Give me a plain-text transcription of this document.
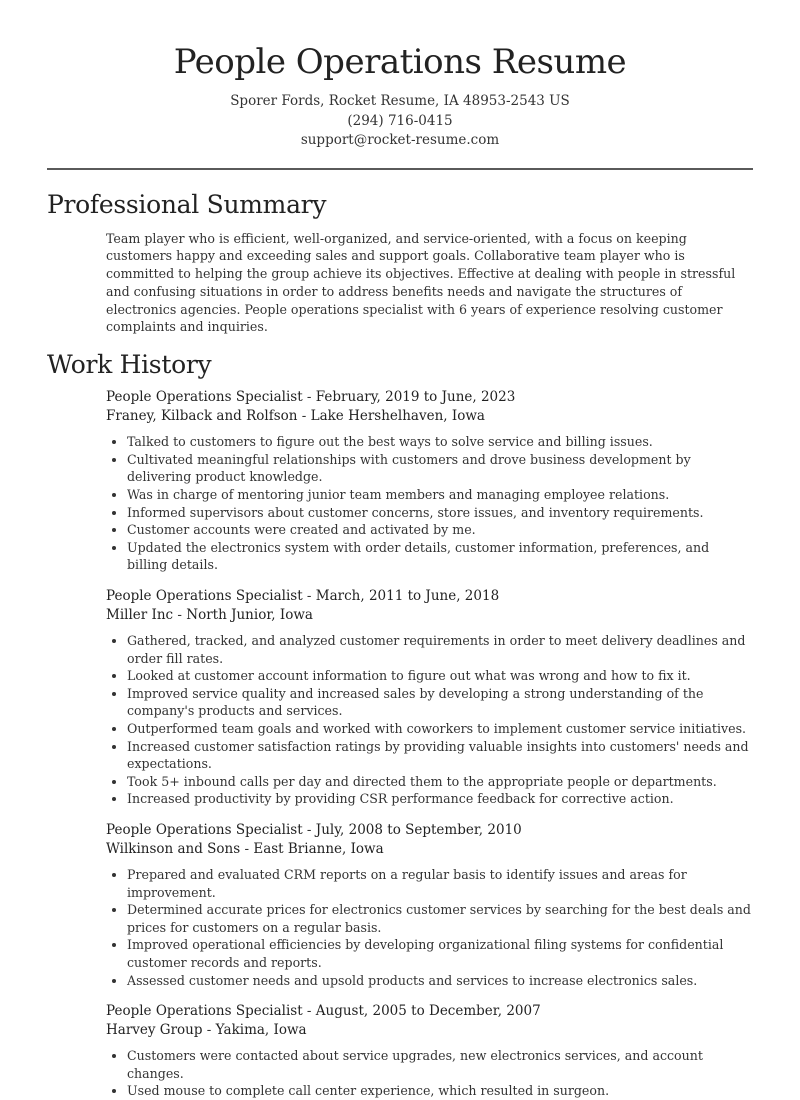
People Operations Resume
Sporer Fords, Rocket Resume, IA 48953-2543 US
(294) 716-0415
support@rocket-resume.com
Professional Summary

Team player who is efficient, well-organized, and service-oriented, with a focus on keeping customers happy and exceeding sales and support goals. Collaborative team player who is committed to helping the group achieve its objectives. Effective at dealing with people in stressful and confusing situations in order to address benefits needs and navigate the structures of electronics agencies. People operations specialist with 6 years of experience resolving customer complaints and inquiries.

Work History
People Operations Specialist - February, 2019 to June, 2023
Franey, Kilback and Rolfson - Lake Hershelhaven, Iowa
Talked to customers to figure out the best ways to solve service and billing issues.
Cultivated meaningful relationships with customers and drove business development by delivering product knowledge.
Was in charge of mentoring junior team members and managing employee relations.
Informed supervisors about customer concerns, store issues, and inventory requirements.
Customer accounts were created and activated by me.
Updated the electronics system with order details, customer information, preferences, and billing details.
People Operations Specialist - March, 2011 to June, 2018
Miller Inc - North Junior, Iowa
Gathered, tracked, and analyzed customer requirements in order to meet delivery deadlines and order fill rates.
Looked at customer account information to figure out what was wrong and how to fix it.
Improved service quality and increased sales by developing a strong understanding of the company's products and services.
Outperformed team goals and worked with coworkers to implement customer service initiatives.
Increased customer satisfaction ratings by providing valuable insights into customers' needs and expectations.
Took 5+ inbound calls per day and directed them to the appropriate people or departments.
Increased productivity by providing CSR performance feedback for corrective action.
People Operations Specialist - July, 2008 to September, 2010
Wilkinson and Sons - East Brianne, Iowa
Prepared and evaluated CRM reports on a regular basis to identify issues and areas for improvement.
Determined accurate prices for electronics customer services by searching for the best deals and prices for customers on a regular basis.
Improved operational efficiencies by developing organizational filing systems for confidential customer records and reports.
Assessed customer needs and upsold products and services to increase electronics sales.
People Operations Specialist - August, 2005 to December, 2007
Harvey Group - Yakima, Iowa
Customers were contacted about service upgrades, new electronics services, and account changes.
Used mouse to complete call center experience, which resulted in surgeon.
